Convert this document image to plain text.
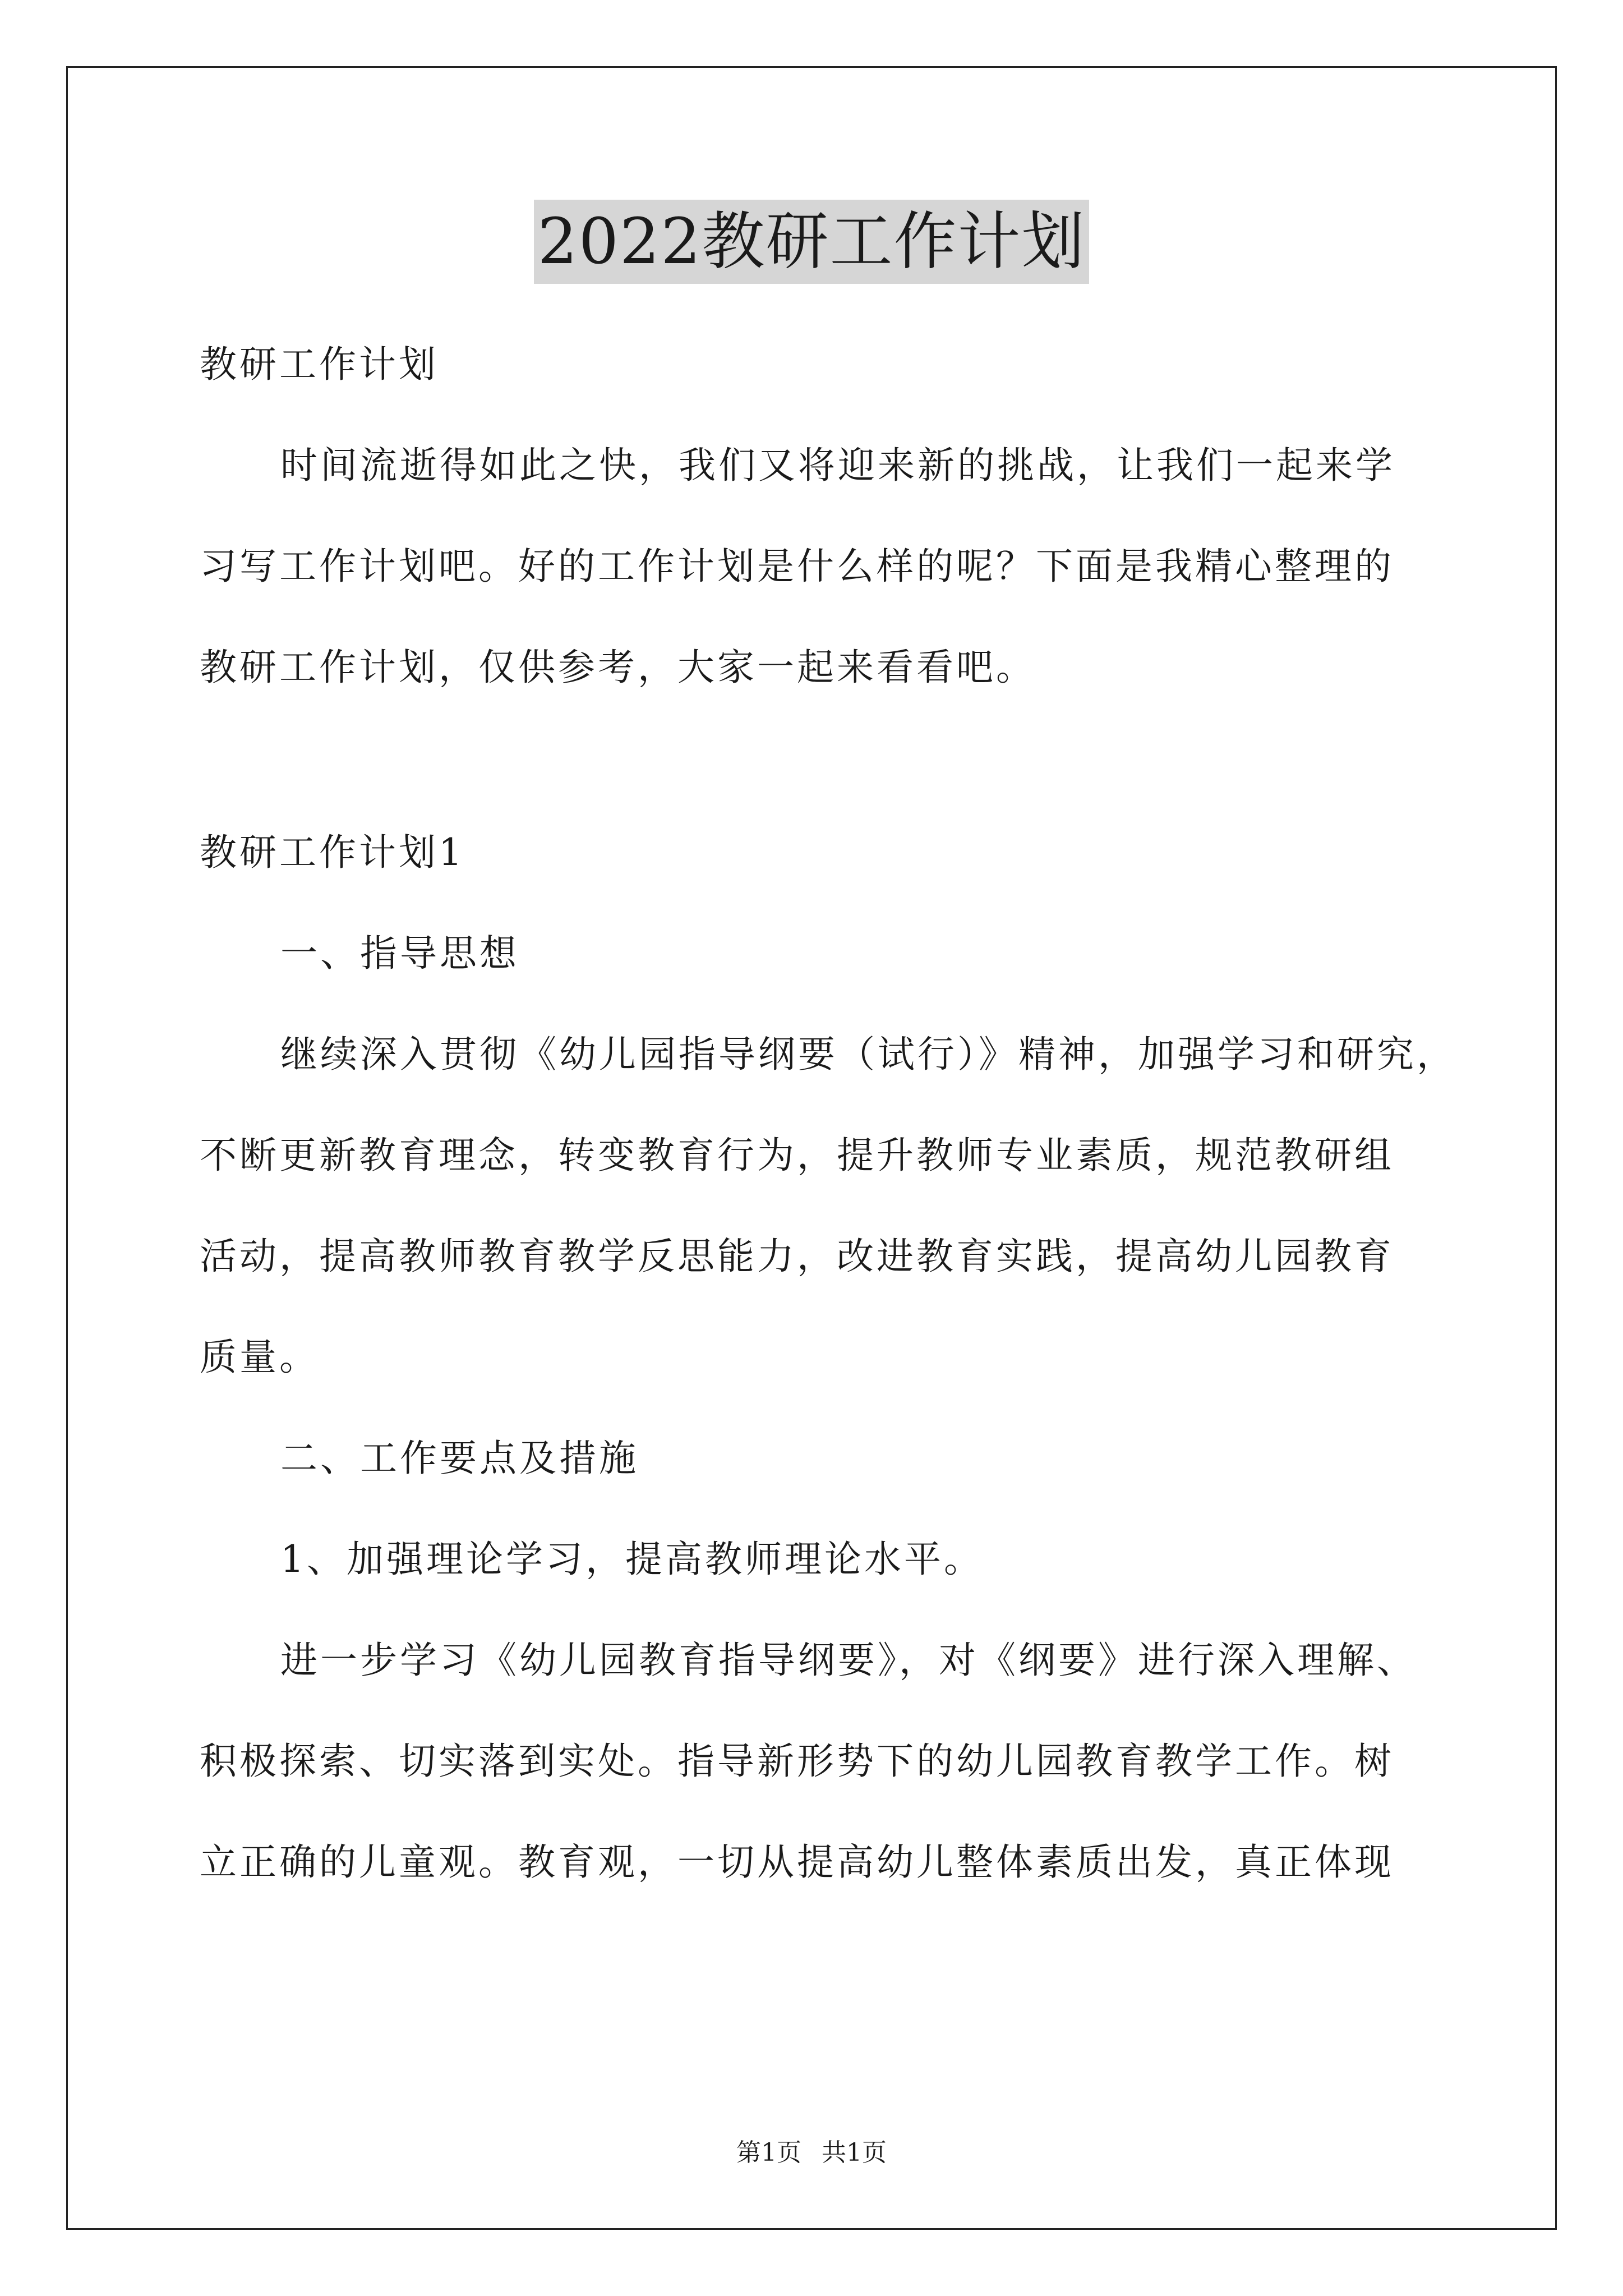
2022教研工作计划
教研工作计划
时间流逝得如此之快，我们又将迎来新的挑战，让我们一起来学
习写工作计划吧。好的工作计划是什么样的呢？下面是我精心整理的
教研工作计划，仅供参考，大家一起来看看吧。
教研工作计划1
一、指导思想
继续深入贯彻《幼儿园指导纲要（试行）》精神，加强学习和研究，
不断更新教育理念，转变教育行为，提升教师专业素质，规范教研组
活动，提高教师教育教学反思能力，改进教育实践，提高幼儿园教育
质量。
二、工作要点及措施
1、加强理论学习，提高教师理论水平。
进一步学习《幼儿园教育指导纲要》，对《纲要》进行深入理解、
积极探索、切实落到实处。指导新形势下的幼儿园教育教学工作。树
立正确的儿童观。教育观，一切从提高幼儿整体素质出发，真正体现
第1页 共1页
